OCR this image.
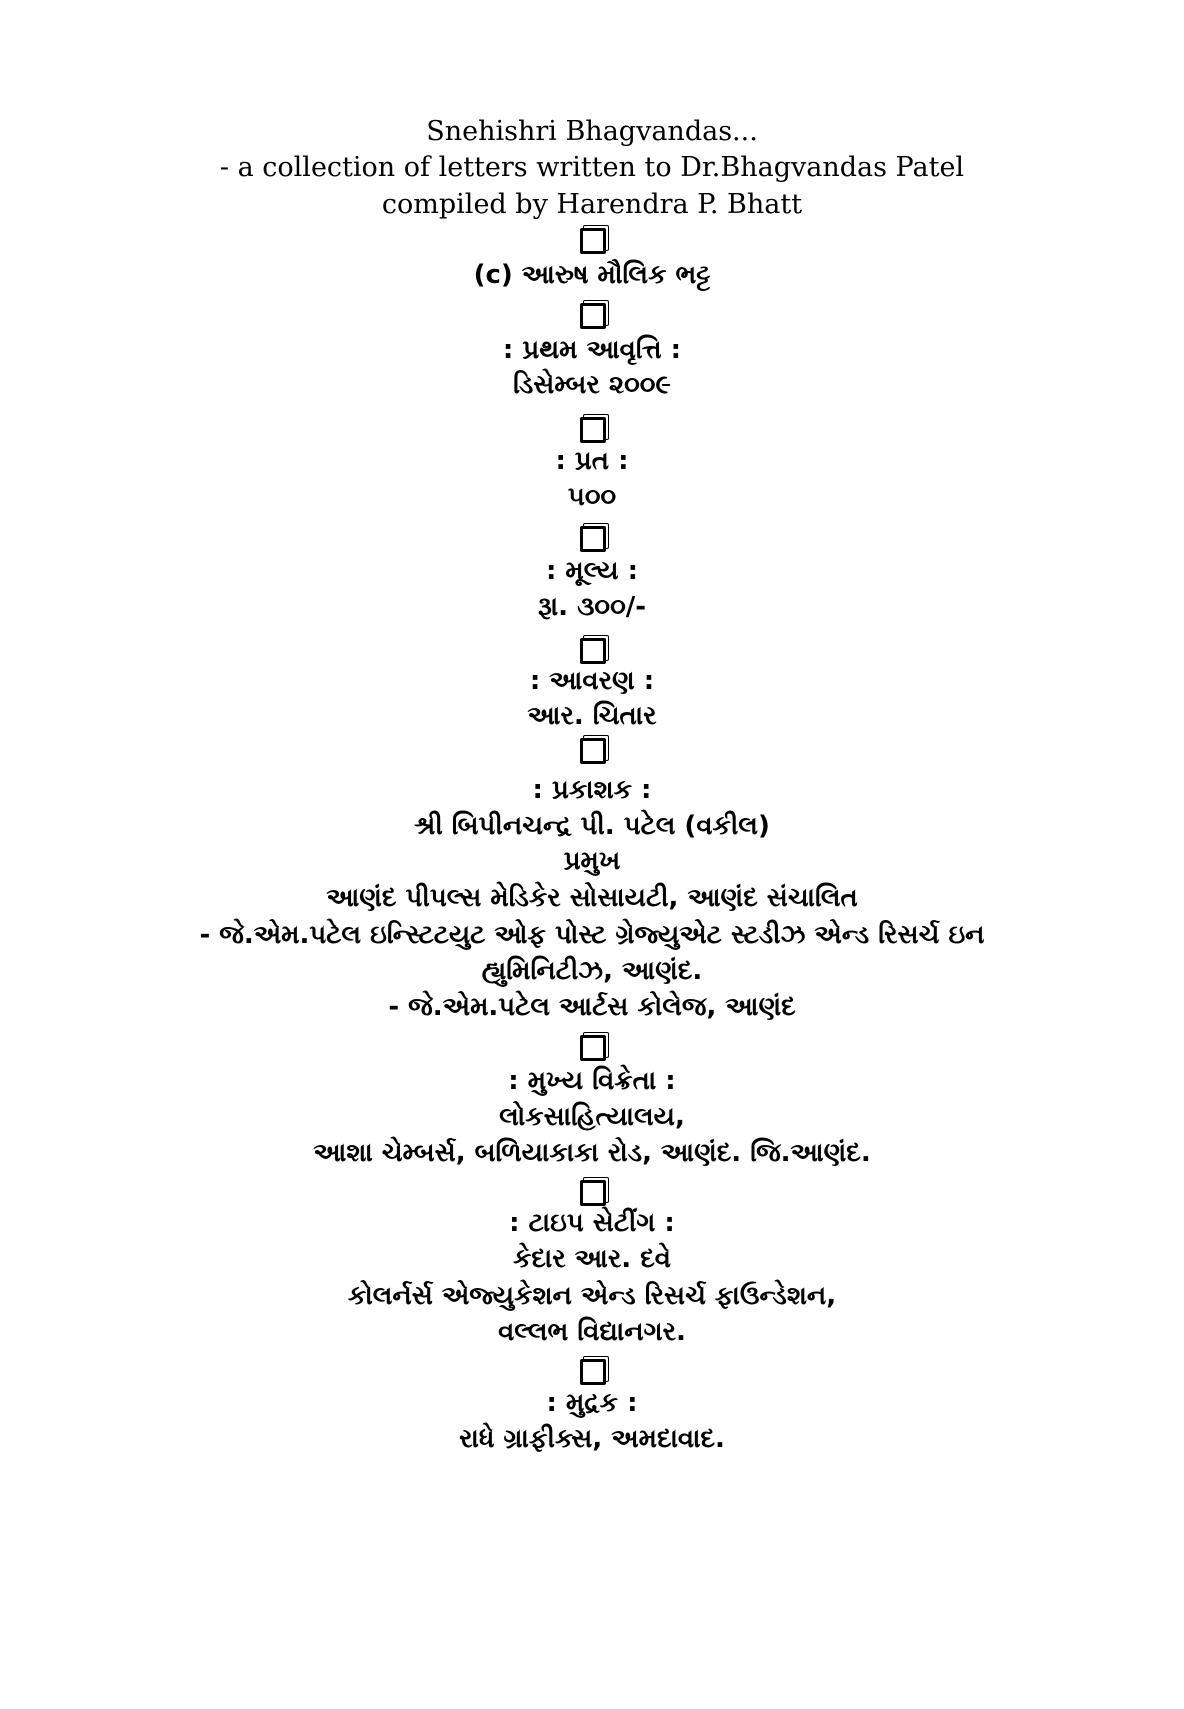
Snehishri Bhagvandas...
- a collection of letters written to Dr.Bhagvandas Patel
compiled by Harendra P. Bhatt
(c) આરુષ મૌલિક ભટ્ટ
: પ્રથમ આવૃત્તિ :
ડિસેમ્બર ૨૦૦૯
: પ્રત :
૫૦૦
: મૂલ્ય :
રૂા. ૩૦૦/-
: આવરણ :
આર. ચિતાર
: પ્રકાશક :
શ્રી બિપીનચન્દ્ર પી. પટેલ (વકીલ)
પ્રમુખ
આણંદ પીપલ્સ મેડિકેર સોસાયટી, આણંદ સંચાલિત
- જે.એમ.પટેલ ઇન્સ્ટિટયુટ ઓફ પોસ્ટ ગ્રેજ્યુએટ સ્ટડીઝ એન્ડ રિસર્ચ ઇન
હ્યુમિનિટીઝ, આણંદ.
- જે.એમ.પટેલ આર્ટસ કોલેજ, આણંદ
: મુખ્ય વિક્રેતા :
લોકસાહિત્યાલય,
આશા ચેમ્બર્સ, બળિયાકાકા રોડ, આણંદ. જિ.આણંદ.
: ટાઇપ સેટીંગ :
કેદાર આર. દવે
કોલર્નર્સ એજ્યુકેશન એન્ડ રિસર્ચ ફાઉન્ડેશન,
વલ્લભ વિદ્યાનગર.
: મુદ્રક :
રાધે ગ્રાફીક્સ, અમદાવાદ.
